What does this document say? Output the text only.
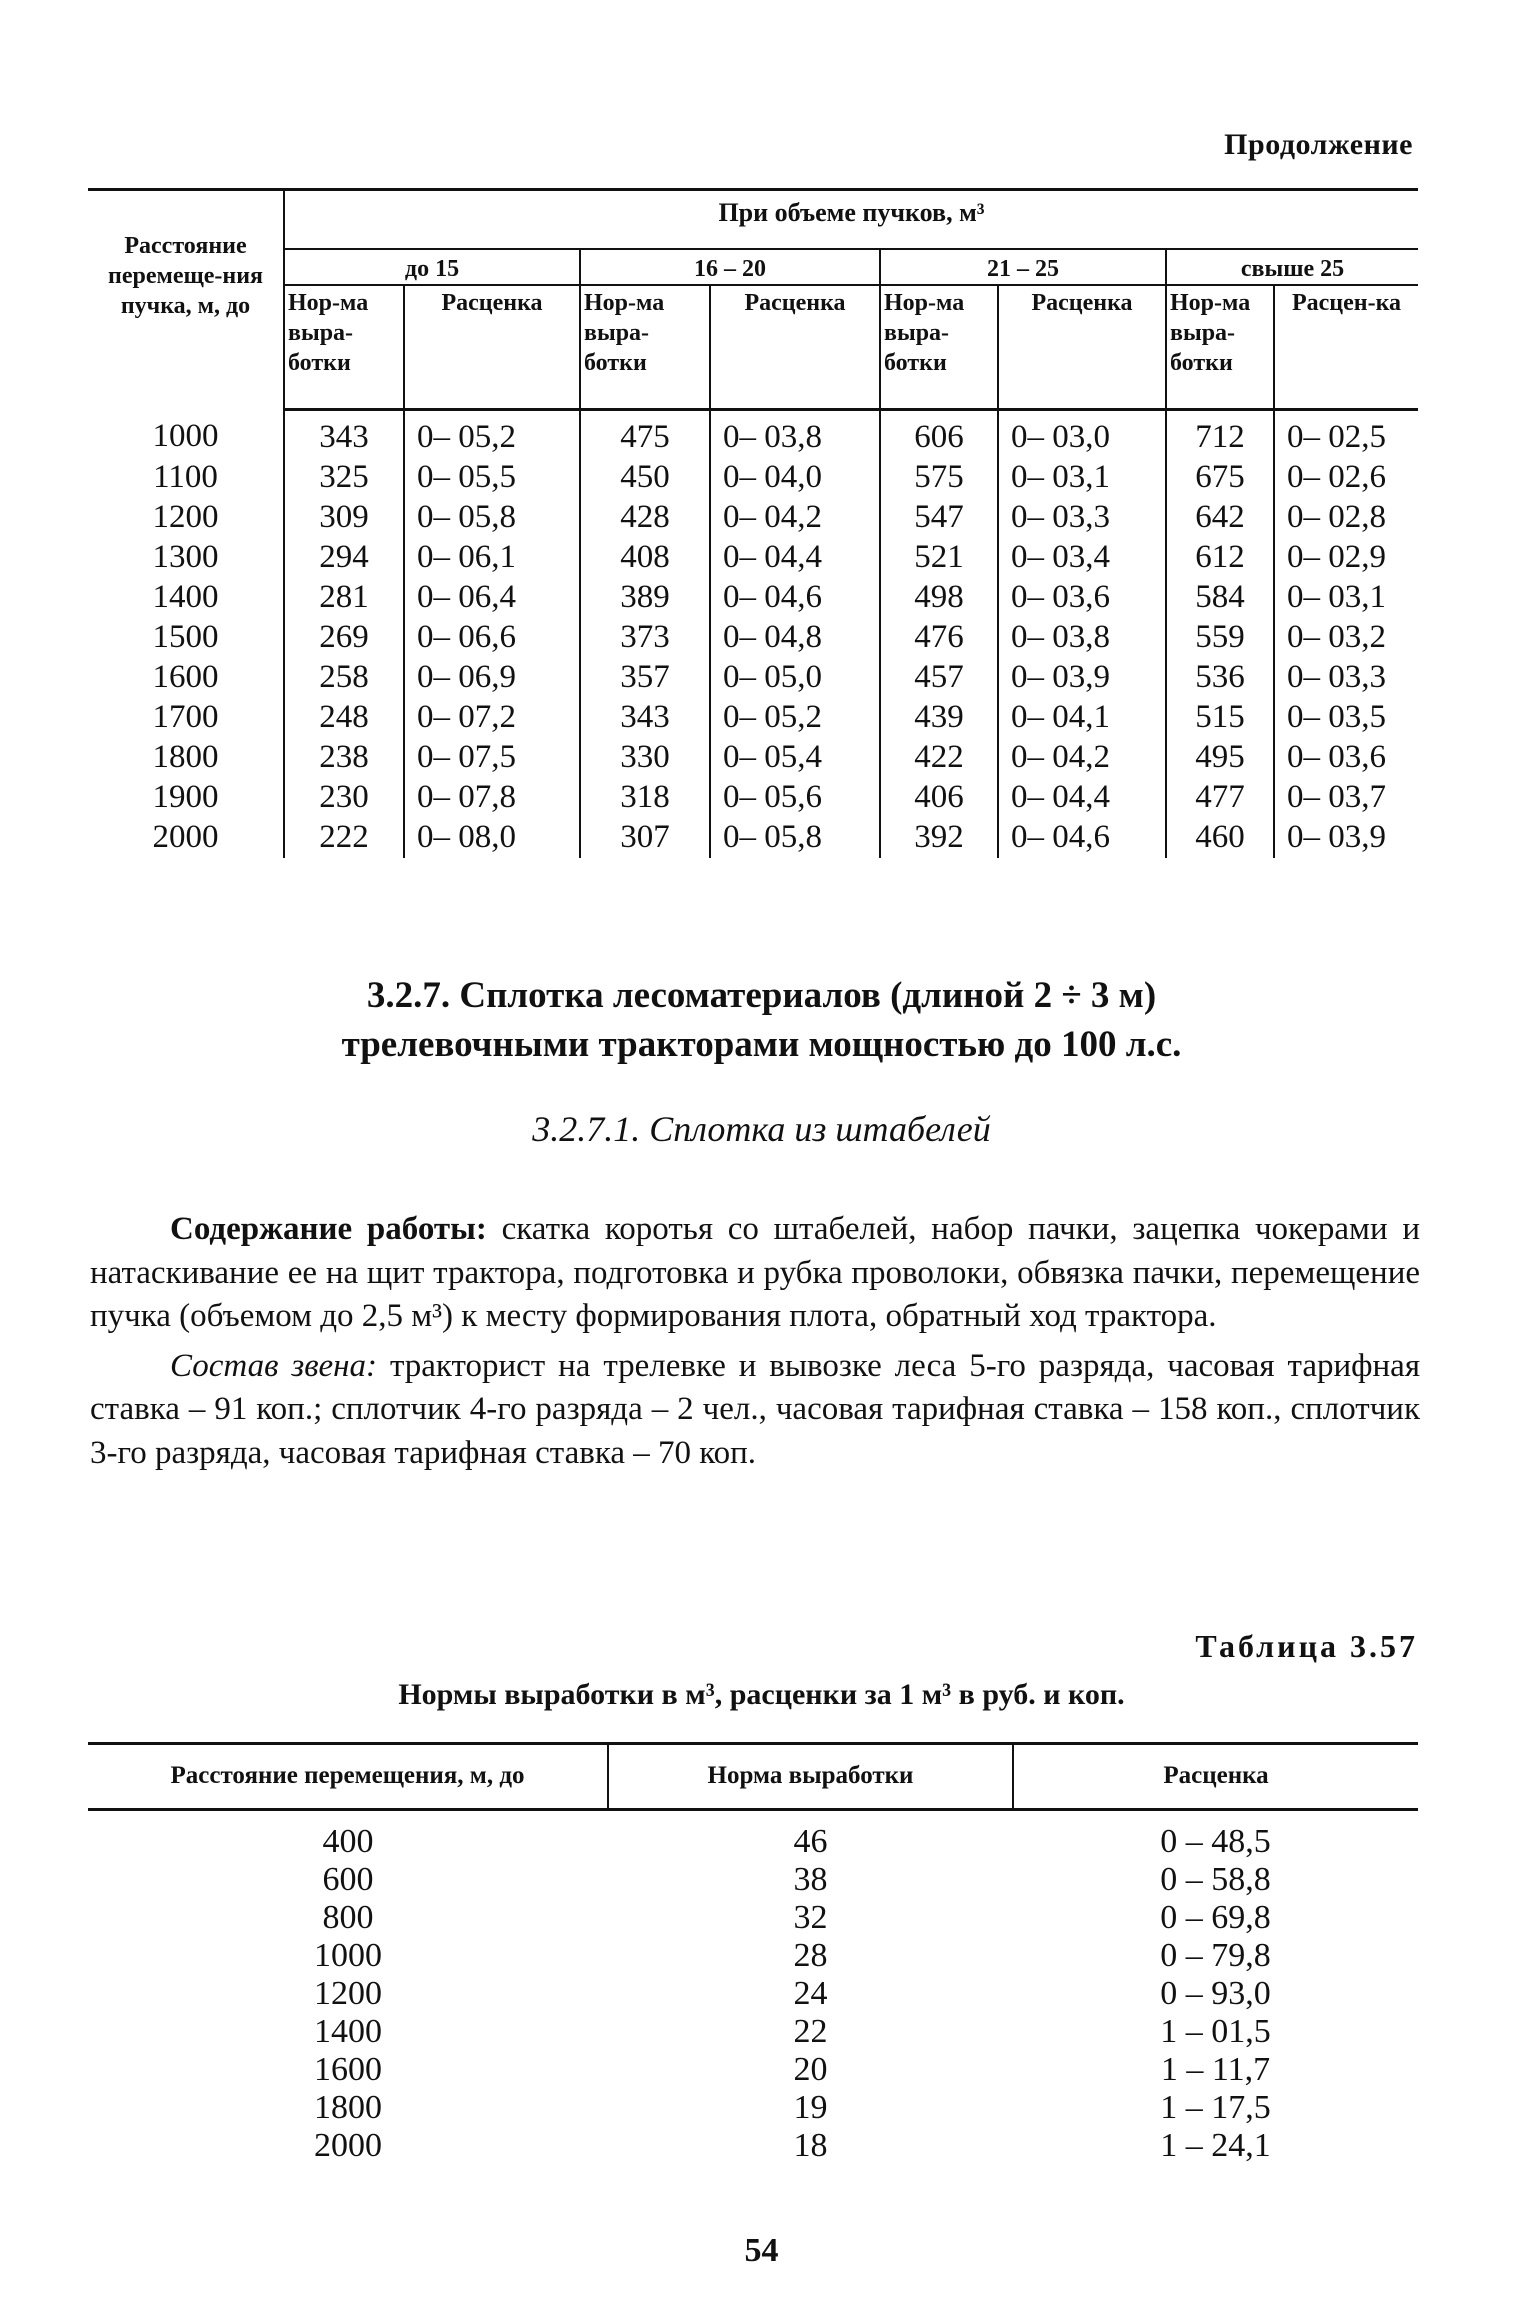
Продолжение
Расстояние перемеще-ния пучка, м, до	При объеме пучков, м³							
	до 15		16 – 20		21 – 25		свыше 25	
	Нор-ма выра-ботки	Расценка	Нор-ма выра-ботки	Расценка	Нор-ма выра-ботки	Расценка	Нор-ма выра-ботки	Расцен-ка
1000	343	0– 05,2	475	0– 03,8	606	0– 03,0	712	0– 02,5
1100	325	0– 05,5	450	0– 04,0	575	0– 03,1	675	0– 02,6
1200	309	0– 05,8	428	0– 04,2	547	0– 03,3	642	0– 02,8
1300	294	0– 06,1	408	0– 04,4	521	0– 03,4	612	0– 02,9
1400	281	0– 06,4	389	0– 04,6	498	0– 03,6	584	0– 03,1
1500	269	0– 06,6	373	0– 04,8	476	0– 03,8	559	0– 03,2
1600	258	0– 06,9	357	0– 05,0	457	0– 03,9	536	0– 03,3
1700	248	0– 07,2	343	0– 05,2	439	0– 04,1	515	0– 03,5
1800	238	0– 07,5	330	0– 05,4	422	0– 04,2	495	0– 03,6
1900	230	0– 07,8	318	0– 05,6	406	0– 04,4	477	0– 03,7
2000	222	0– 08,0	307	0– 05,8	392	0– 04,6	460	0– 03,9
3.2.7. Сплотка лесоматериалов (длиной 2 ÷ 3 м)
трелевочными тракторами мощностью до 100 л.с.
3.2.7.1. Сплотка из штабелей

Содержание работы: скатка коротья со штабелей, набор пачки, зацепка чокерами и натаскивание ее на щит трактора, подготовка и рубка проволоки, обвязка пачки, перемещение пучка (объемом до 2,5 м³) к месту формирования плота, обратный ход трактора.

Состав звена: тракторист на трелевке и вывозке леса 5-го разряда, часовая тарифная ставка – 91 коп.; сплотчик 4-го разряда – 2 чел., часовая тарифная ставка – 158 коп., сплотчик 3-го разряда, часовая тарифная ставка – 70 коп.

Таблица 3.57
Нормы выработки в м³, расценки за 1 м³ в руб. и коп.
Расстояние перемещения, м, до	Норма выработки	Расценка
400	46	0 – 48,5
600	38	0 – 58,8
800	32	0 – 69,8
1000	28	0 – 79,8
1200	24	0 – 93,0
1400	22	1 – 01,5
1600	20	1 – 11,7
1800	19	1 – 17,5
2000	18	1 – 24,1
54
